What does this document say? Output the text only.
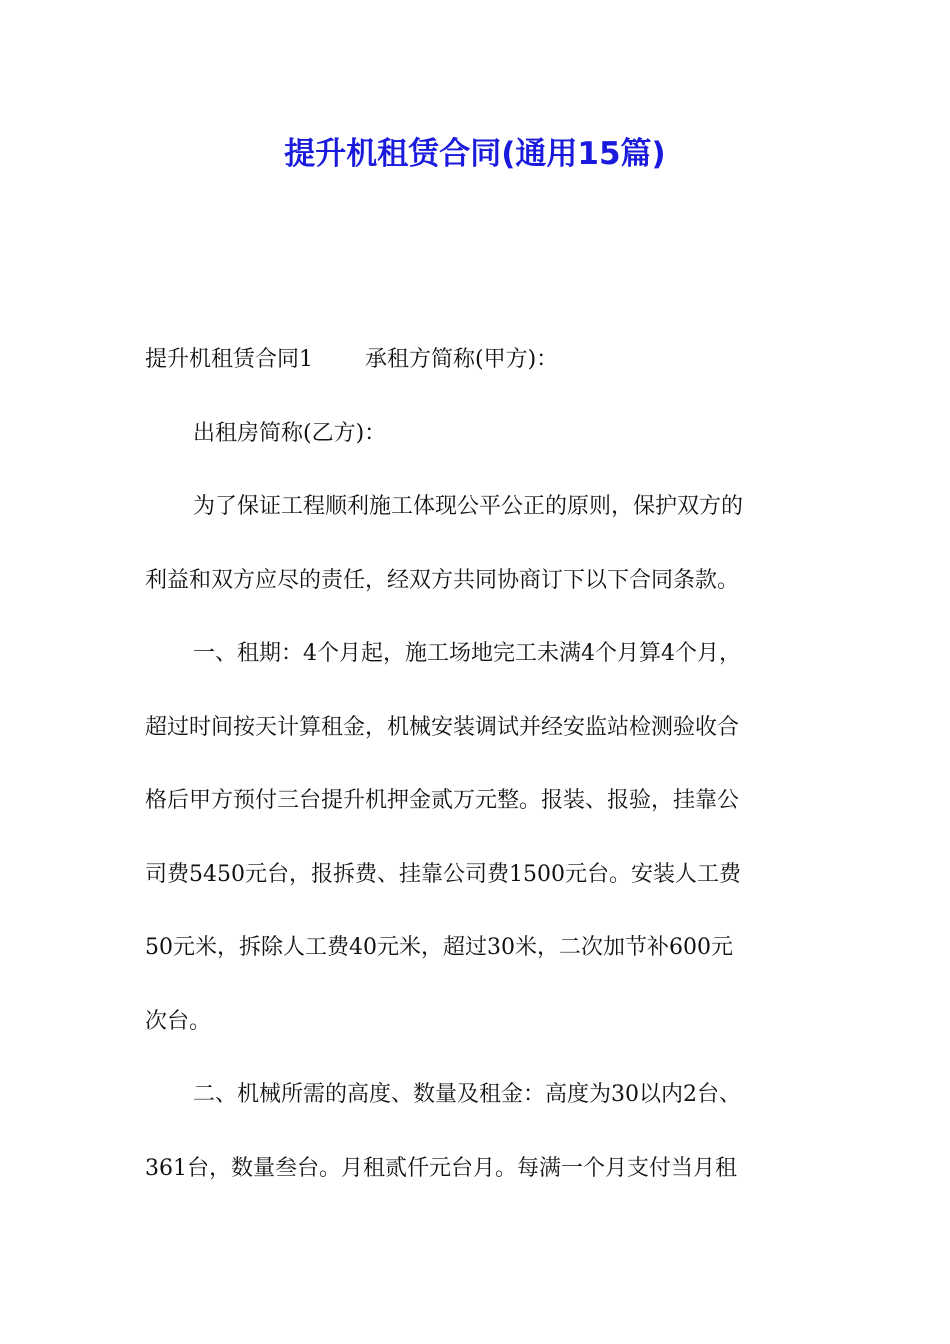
提升机租赁合同(通用15篇)
提升机租赁合同1 承租方简称(甲方)：
出租房简称(乙方)：
为了保证工程顺利施工体现公平公正的原则，保护双方的
利益和双方应尽的责任，经双方共同协商订下以下合同条款。
一、租期：4个月起，施工场地完工未满4个月算4个月，
超过时间按天计算租金，机械安装调试并经安监站检测验收合
格后甲方预付三台提升机押金贰万元整。报装、报验，挂靠公
司费5450元台，报拆费、挂靠公司费1500元台。安装人工费
50元米，拆除人工费40元米，超过30米，二次加节补600元
次台。
二、机械所需的高度、数量及租金：高度为30以内2台、
361台，数量叁台。月租贰仟元台月。每满一个月支付当月租
